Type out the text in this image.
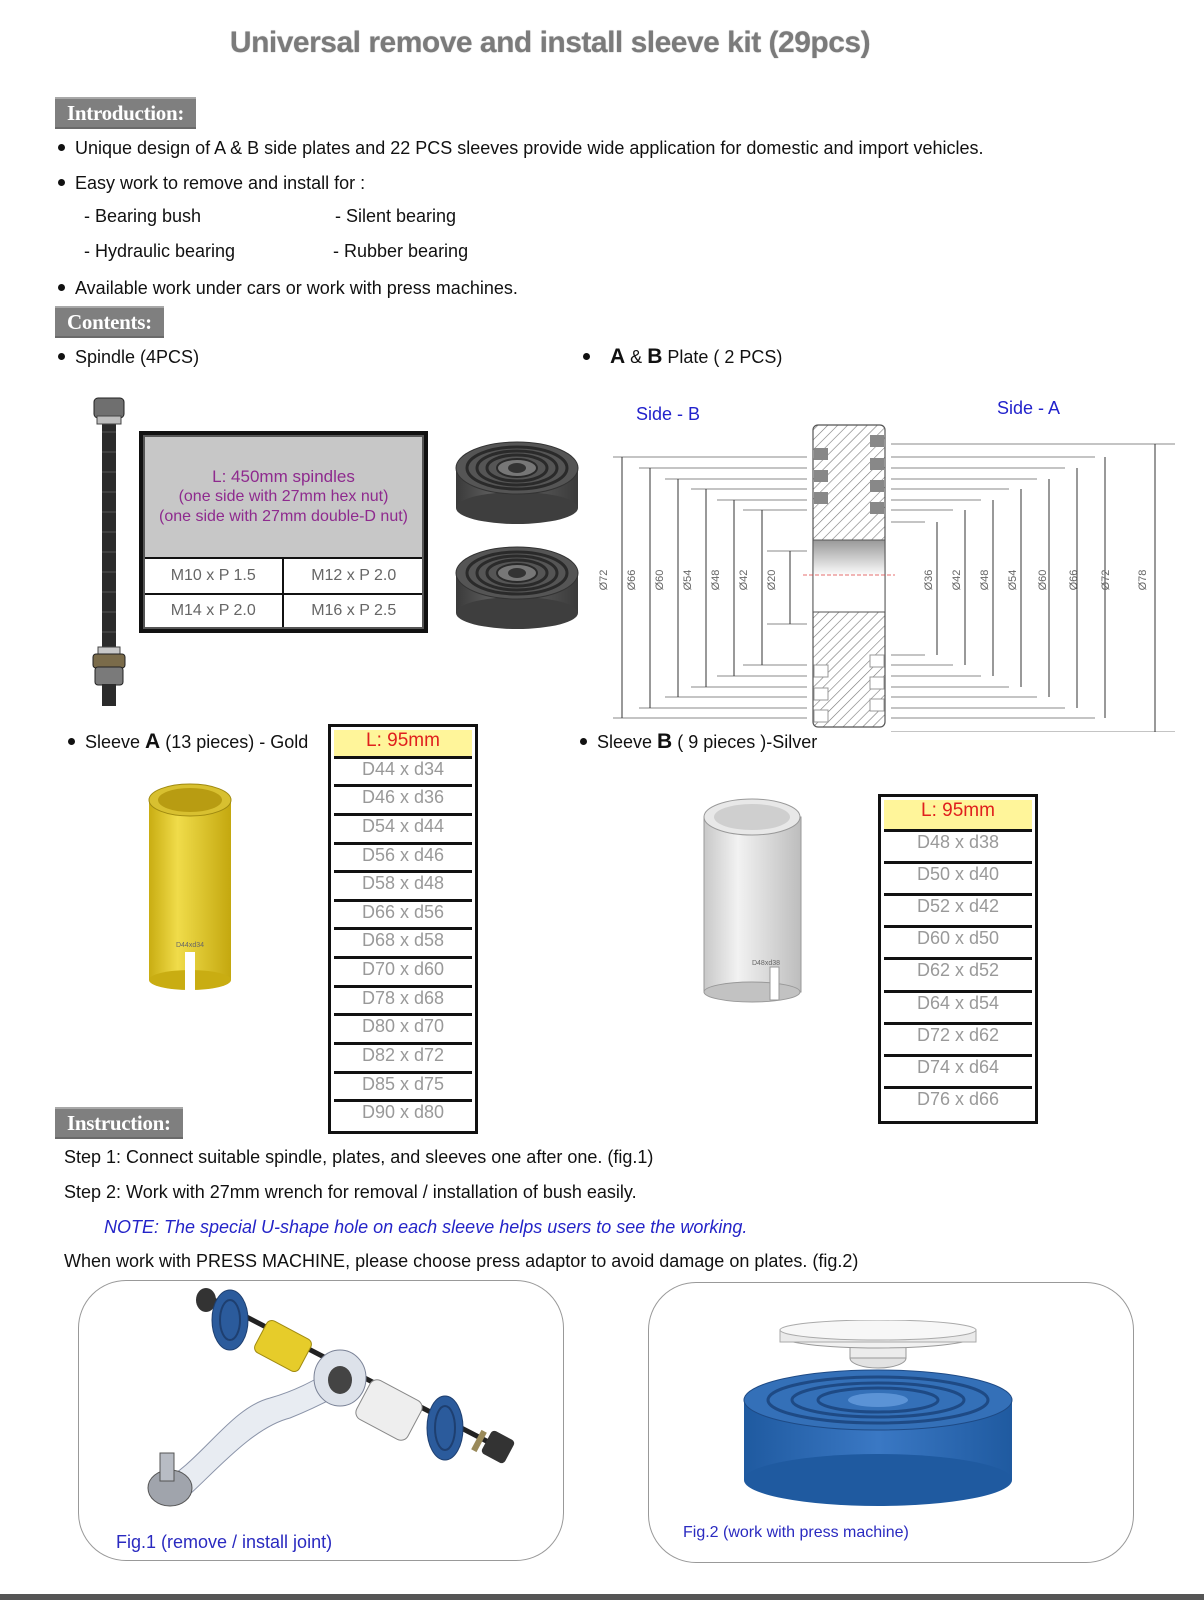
Universal remove and install sleeve kit (29pcs)
Introduction:
Unique design of A & B side plates and 22 PCS sleeves provide wide application for domestic and import vehicles.
Easy work to remove and install for :
- Bearing bush	- Silent bearing
- Hydraulic bearing	- Rubber bearing
Available work under cars or work with press machines.
Contents:
Spindle (4PCS)	A & B Plate ( 2 PCS)
L: 450mm spindles
(one side with 27mm hex nut)
(one side with 27mm double-D nut)	

M10 x P 1.5	M12 x P 2.0
M14 x P 2.0	M16 x P 2.5
Side - B	Side - A
Ø72 Ø66 Ø60 Ø54 Ø48 Ø42 Ø20	Ø36 Ø42 Ø48 Ø54 Ø60 Ø66 Ø72 Ø78
Sleeve A (13 pieces) - Gold
D44xd34
L: 95mm
D44 x d34
D46 x d36
D54 x d44
D56 x d46
D58 x d48
D66 x d56
D68 x d58
D70 x d60
D78 x d68
D80 x d70
D82 x d72
D85 x d75
D90 x d80
Sleeve B ( 9 pieces )-Silver
D48xd38
L: 95mm
D48 x d38
D50 x d40
D52 x d42
D60 x d50
D62 x d52
D64 x d54
D72 x d62
D74 x d64
D76 x d66
Instruction:
Step 1: Connect suitable spindle, plates, and sleeves one after one. (fig.1)
Step 2: Work with 27mm wrench for removal / installation of bush easily.
NOTE: The special U-shape hole on each sleeve helps users to see the working.
When work with PRESS MACHINE, please choose press adaptor to avoid damage on plates. (fig.2)
Fig.1 (remove / install joint)	Fig.2 (work with press machine)
